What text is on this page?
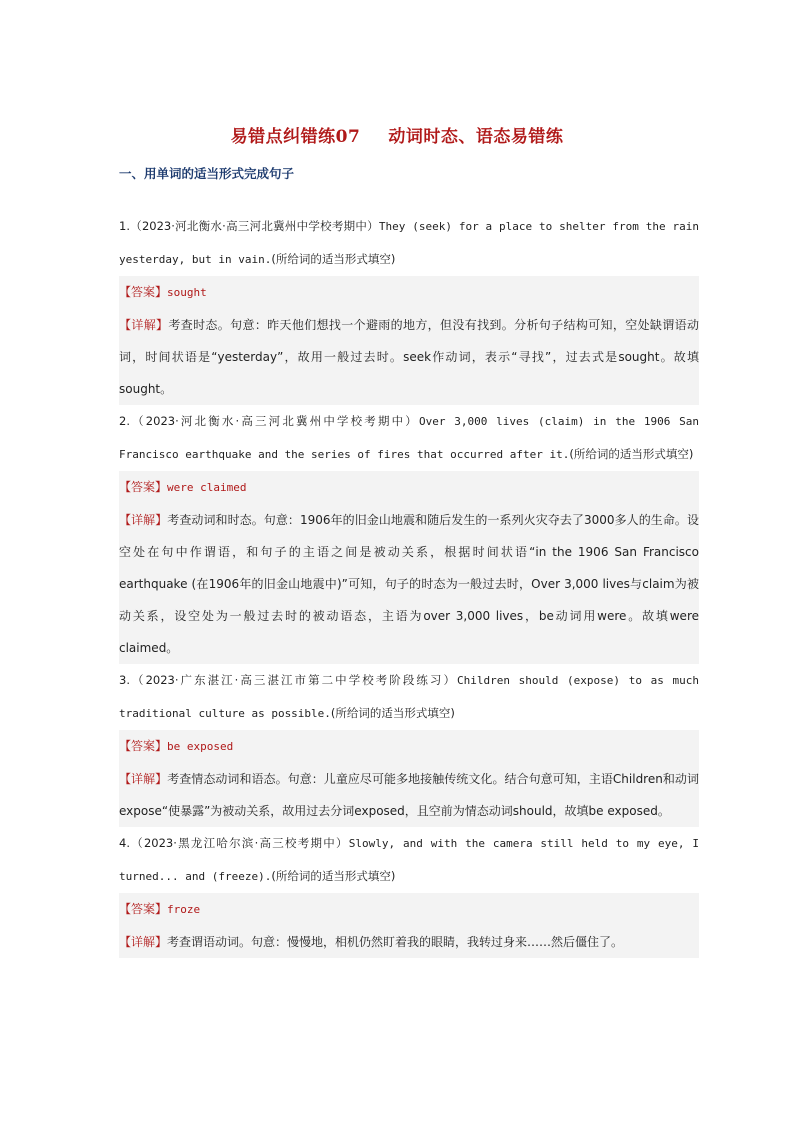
易错点纠错练07 动词时态、语态易错练
一、用单词的适当形式完成句子
1.（2023·河北衡水·高三河北冀州中学校考期中）They (seek) for a place to shelter from the rain yesterday, but in vain.(所给词的适当形式填空)
【答案】sought
【详解】考查时态。句意：昨天他们想找一个避雨的地方，但没有找到。分析句子结构可知，空处缺谓语动词，时间状语是“yesterday”，故用一般过去时。seek作动词，表示“寻找”，过去式是sought。故填sought。
2.（2023·河北衡水·高三河北冀州中学校考期中）Over 3,000 lives (claim) in the 1906 San Francisco earthquake and the series of fires that occurred after it.(所给词的适当形式填空)
【答案】were claimed
【详解】考查动词和时态。句意：1906年的旧金山地震和随后发生的一系列火灾夺去了3000多人的生命。设空处在句中作谓语，和句子的主语之间是被动关系，根据时间状语“in the 1906 San Francisco earthquake (在1906年的旧金山地震中)”可知，句子的时态为一般过去时，Over 3,000 lives与claim为被动关系，设空处为一般过去时的被动语态，主语为over 3,000 lives，be动词用were。故填were claimed。
3.（2023·广东湛江·高三湛江市第二中学校考阶段练习）Children should (expose) to as much traditional culture as possible.(所给词的适当形式填空)
【答案】be exposed
【详解】考查情态动词和语态。句意：儿童应尽可能多地接触传统文化。结合句意可知，主语Children和动词expose“使暴露”为被动关系，故用过去分词exposed，且空前为情态动词should，故填be exposed。
4.（2023·黑龙江哈尔滨·高三校考期中）Slowly, and with the camera still held to my eye, I turned... and (freeze).(所给词的适当形式填空)
【答案】froze
【详解】考查谓语动词。句意：慢慢地，相机仍然盯着我的眼睛，我转过身来……然后僵住了。
